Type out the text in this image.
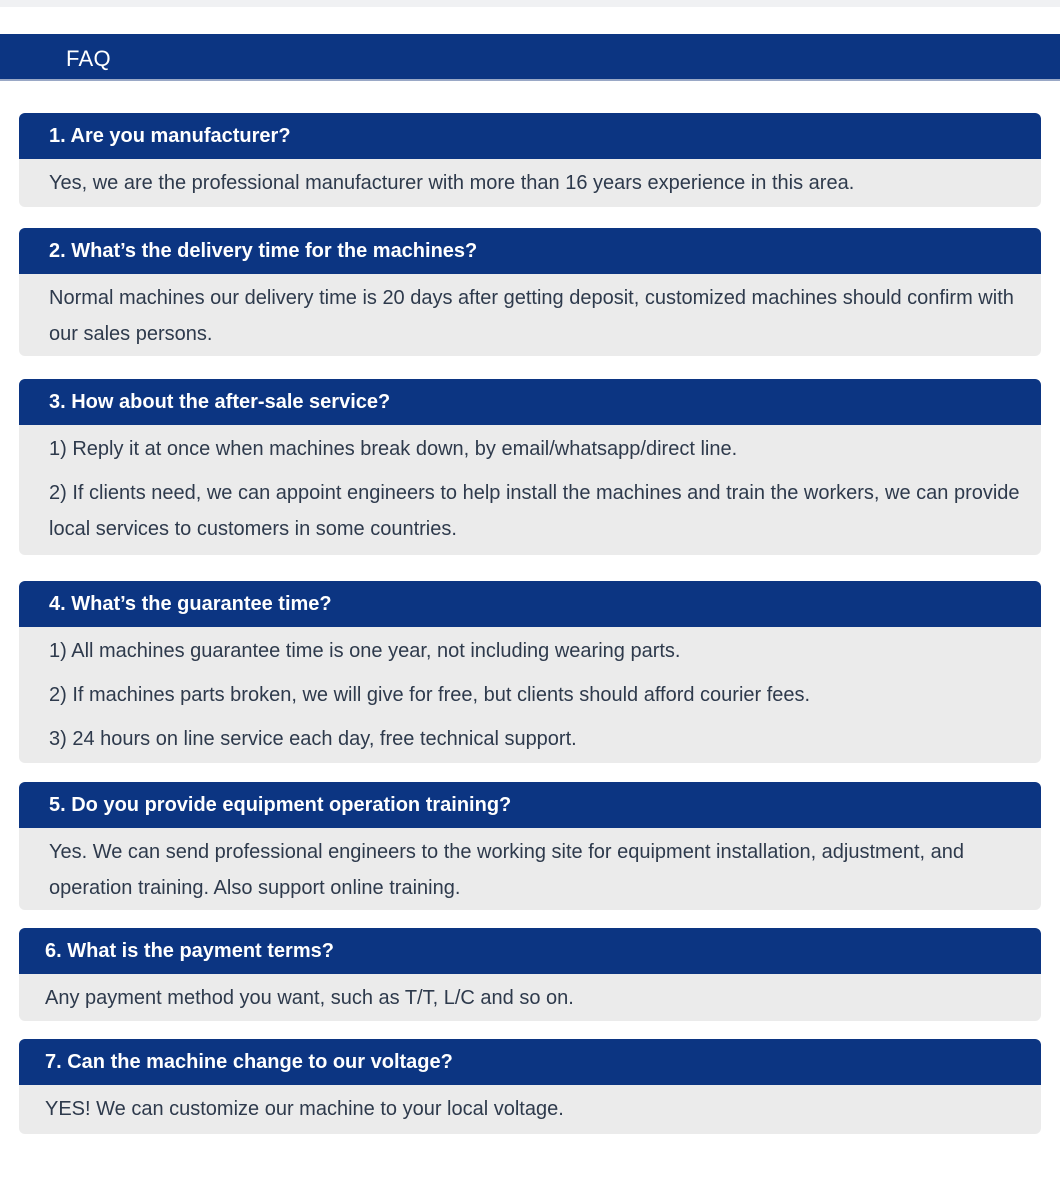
FAQ
1. Are you manufacturer?

Yes, we are the professional manufacturer with more than 16 years experience in this area.

2. What’s the delivery time for the machines?

Normal machines our delivery time is 20 days after getting deposit, customized machines should confirm with our sales persons.

3. How about the after-sale service?

1) Reply it at once when machines break down, by email/whatsapp/direct line.

2) If clients need, we can appoint engineers to help install the machines and train the workers, we can provide local services to customers in some countries.

4. What’s the guarantee time?

1) All machines guarantee time is one year, not including wearing parts.

2) If machines parts broken, we will give for free, but clients should afford courier fees.

3) 24 hours on line service each day, free technical support.

5. Do you provide equipment operation training?

Yes. We can send professional engineers to the working site for equipment installation, adjustment, and operation training. Also support online training.

6. What is the payment terms?

Any payment method you want, such as T/T, L/C and so on.

7. Can the machine change to our voltage?

YES! We can customize our machine to your local voltage.
